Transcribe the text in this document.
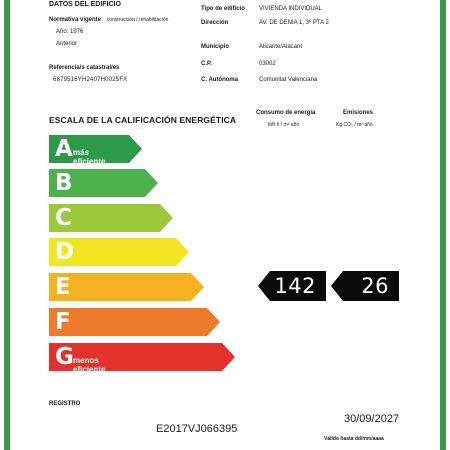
DATOS DEL EDIFICIO
Normativa vigente construcción / rehabilitación
Año: 1976
Anterior
Referencia/s catastral/es
6879516YH2407H0025FX
Tipo de edificio VIVIENDA INDIVIDUAL
Dirección	AV. DE DENIA 1, 3º PTA 2
Municipio	Alicante/Alacant
C.P.	03002
C. Autónoma	Comunitat Valenciana
ESCALA DE LA CALIFICACIÓN ENERGÉTICA
Consumo de energía
kW h / m² año
Emisiones
Kg CO₂ / m² año
A más eficiente
B
C
D
E
F
G menos eficiente
142 26
REGISTRO
E2017VJ066395
30/09/2027
Válido hasta dd/mm/aaaa
